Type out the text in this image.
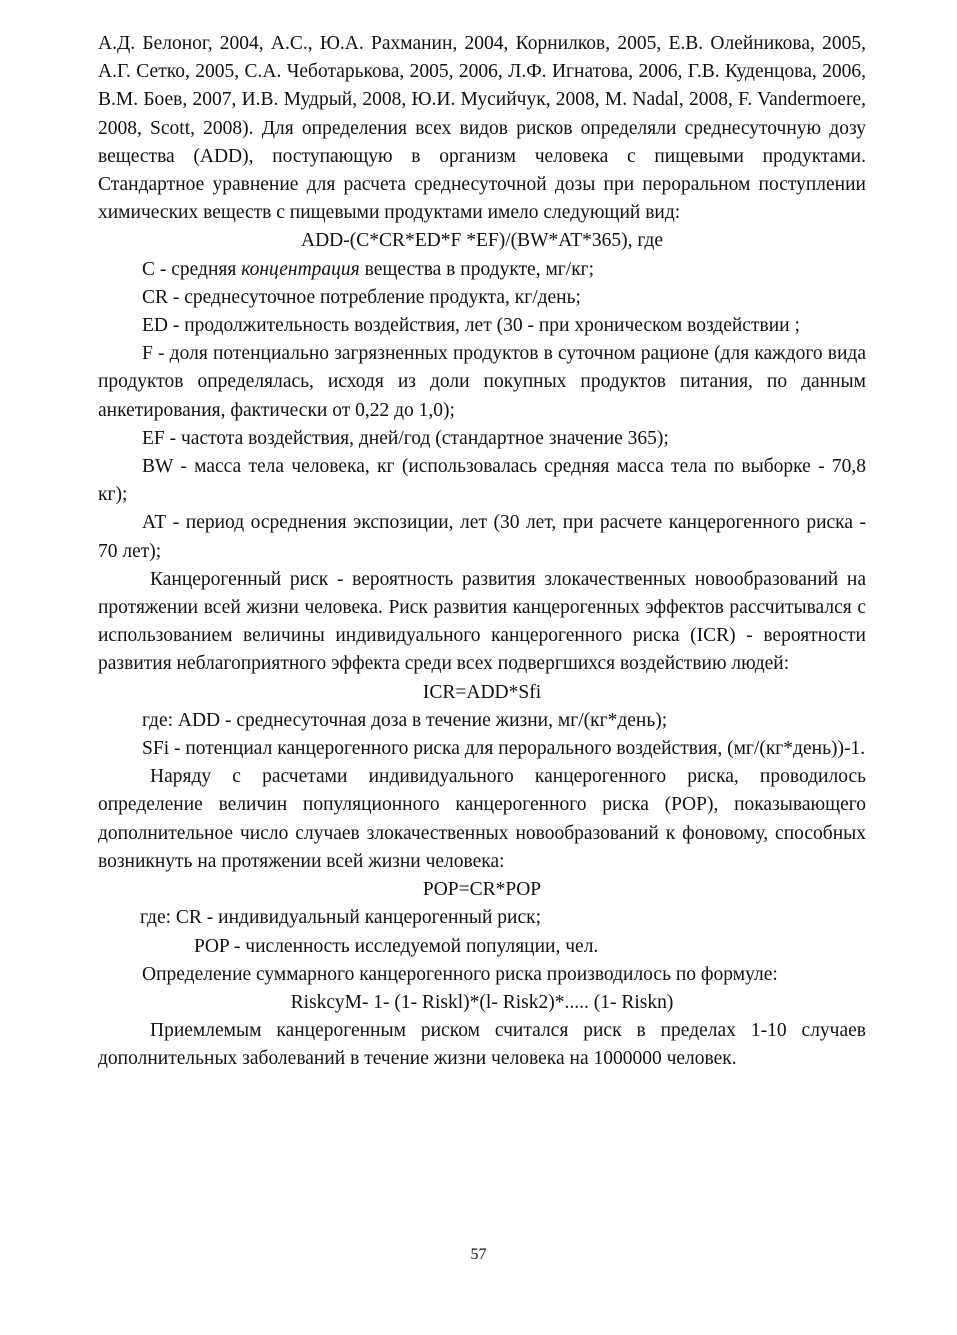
А.Д. Белоног, 2004, А.С., Ю.А. Рахманин, 2004, Корнилков, 2005, Е.В. Олейникова, 2005, А.Г. Сетко, 2005, С.А. Чеботарькова, 2005, 2006, Л.Ф. Игнатова, 2006, Г.В. Куденцова, 2006, В.М. Боев, 2007, И.В. Мудрый, 2008, Ю.И. Мусийчук, 2008, M. Nadal, 2008, F. Vandermoere, 2008, Scott, 2008). Для определения всех видов рисков определяли среднесуточную дозу вещества (ADD), поступающую в организм человека с пищевыми продуктами. Стандартное уравнение для расчета среднесуточной дозы при пероральном поступлении химических веществ с пищевыми продуктами имело следующий вид:

ADD-(C*CR*ED*F *EF)/(BW*AT*365), где

С - средняя концентрация вещества в продукте, мг/кг;

CR - среднесуточное потребление продукта, кг/день;

ED - продолжительность воздействия, лет (30 - при хроническом воздействии ;

F - доля потенциально загрязненных продуктов в суточном рационе (для каждого вида продуктов определялась, исходя из доли покупных продуктов питания, по данным анкетирования, фактически от 0,22 до 1,0);

EF - частота воздействия, дней/год (стандартное значение 365);

BW - масса тела человека, кг (использовалась средняя масса тела по выборке - 70,8 кг);

АТ - период осреднения экспозиции, лет (30 лет, при расчете канцерогенного риска - 70 лет);

Канцерогенный риск - вероятность развития злокачественных новообразований на протяжении всей жизни человека. Риск развития канцерогенных эффектов рассчитывался с использованием величины индивидуального канцерогенного риска (ICR) - вероятности развития неблагоприятного эффекта среди всех подвергшихся воздействию людей:

ICR=ADD*Sfi

где: ADD - среднесуточная доза в течение жизни, мг/(кг*день);

SFi - потенциал канцерогенного риска для перорального воздействия, (мг/(кг*день))-1.

Наряду с расчетами индивидуального канцерогенного риска, проводилось определение величин популяционного канцерогенного риска (POP), показывающего дополнительное число случаев злокачественных новообразований к фоновому, способных возникнуть на протяжении всей жизни человека:

POP=CR*POP

где: CR - индивидуальный канцерогенный риск;

POP - численность исследуемой популяции, чел.

Определение суммарного канцерогенного риска производилось по формуле:

RiskсуМ- 1- (1- Riskl)*(l- Risk2)*..... (1- Riskn)

Приемлемым канцерогенным риском считался риск в пределах 1-10 случаев дополнительных заболеваний в течение жизни человека на 1000000 человек.

57
